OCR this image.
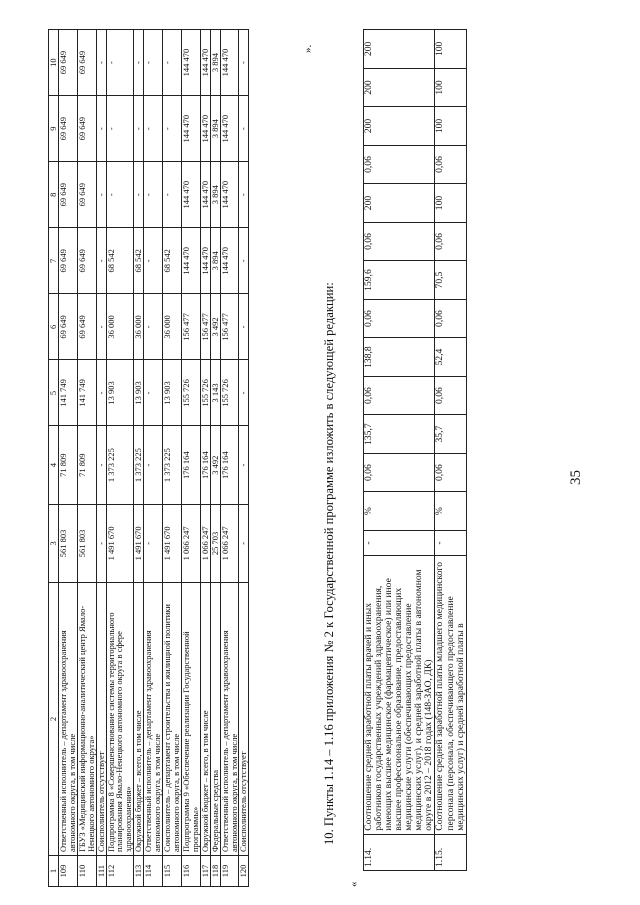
35
1	2	3	4	5	6	7	8	9	10
109	Ответственный исполнитель – департамент здравоохранения автономного округа, в том числе	561 803	71 809	141 749	69 649	69 649	69 649	69 649	69 649
110	ГБУЗ «Медицинский информационно-аналитический центр Ямало-Ненецкого автономного округа»	561 803	71 809	141 749	69 649	69 649	69 649	69 649	69 649
111	Соисполнитель отсутствует	-	-	-	-	-	-	-	-
112	Подпрограмма 8 «Совершенствование системы территориального планирования Ямало-Ненецкого автономного округа в сфере здравоохранения»	1 491 670	1 373 225	13 903	36 000	68 542	-	-	-
113	Окружной бюджет – всего, в том числе	1 491 670	1 373 225	13 903	36 000	68 542	-	-	-
114	Ответственный исполнитель – департамент здравоохранения автономного округа, в том числе	-	-	-	-	-	-	-	-
115	Соисполнитель – департамент строительства и жилищной политики автономного округа, в том числе	1 491 670	1 373 225	13 903	36 000	68 542	-	-	-
116	Подпрограмма 9 «Обеспечение реализации Государственной программы»	1 066 247	176 164	155 726	156 477	144 470	144 470	144 470	144 470
117	Окружной бюджет – всего, в том числе	1 066 247	176 164	155 726	156 477	144 470	144 470	144 470	144 470
118	Федеральные средства	25 703	3 492	3 143	3 492	3 894	3 894	3 894	3 894
119	Ответственный исполнитель – департамент здравоохранения автономного округа, в том числе	1 066 247	176 164	155 726	156 477	144 470	144 470	144 470	144 470
120	Соисполнитель отсутствует	-	-	-	-	-	-	-	-
».
10. Пункты 1.14 – 1.16 приложения № 2 к Государственной программе изложить в следующей редакции:
«
1.14.	Соотношение средней заработной платы врачей и иных работников государственных учреждений здравоохранения, имеющих высшее медицинское (фармацевтическое) или иное высшее профессиональное образование, предоставляющих медицинские услуги (обеспечивающих предоставление медицинских услуг), и средней заработной платы в автономном округе в 2012 – 2018 годах (148-ЗАО, ДК)	-	%	0,06	135,7	0,06	138,8	0,06	159,6	0,06	200	0,06	200	200	200
1.15.	Соотношение средней заработной платы младшего медицинского персонала (персонала, обеспечивающего предоставление медицинских услуг) и средней заработной платы в	-	%	0,06	35,7	0,06	52,4	0,06	70,5	0,06	100	0,06	100	100	100
